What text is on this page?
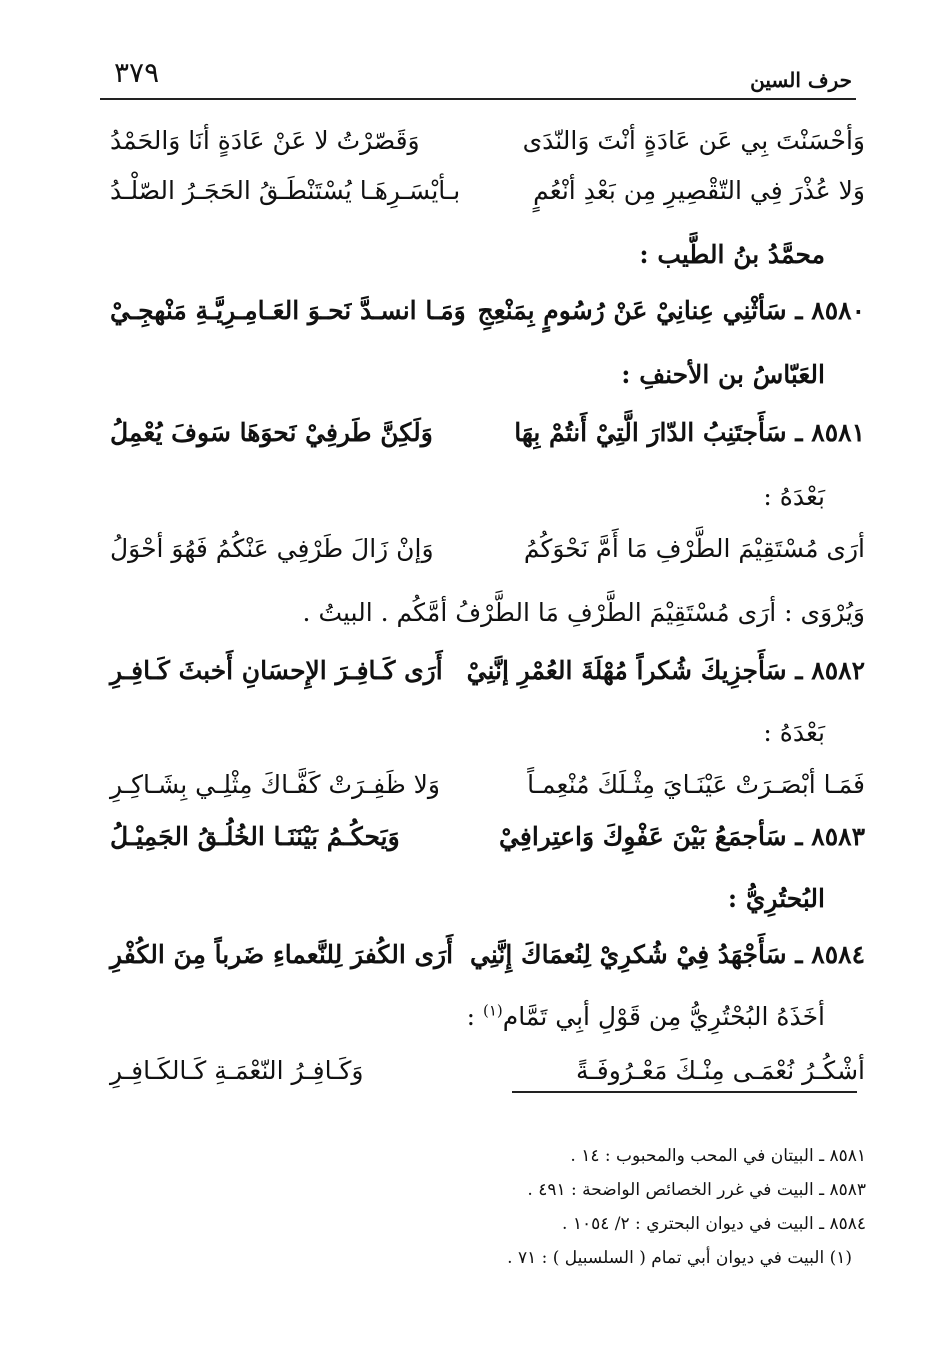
حرف السين
٣٧٩
وَأحْسَنْتَ بِي عَن عَادَةٍ أنْتَ وَالنّدَى
وَقَصّرْتُ لا عَنْ عَادَةٍ أنَا وَالحَمْدُ
وَلا عُذْرَ فِي التّقْصِيرِ مِن بَعْدِ أنْعُمٍ
بـأيْسَـرِهَـا يُسْتَنْطَـقُ الحَجَـرُ الصّلْـدُ
محمَّدُ بنُ الطَّيب :
٨٥٨٠ ـ سَأثْنِي عِنانِيْ عَنْ رُسُومٍ بِمَنْعِجِ
وَمَـا انسـدَّ نَحـوَ العَـامِـرِيَّـةِ مَنْهجِـيْ
العَبّاسُ بن الأحنفِ :
٨٥٨١ ـ سَأَجتَنِبُ الدّارَ الَّتِيْ أَنتُمْ بِهَا
وَلَكِنَّ طَرفِيْ نَحوَهَا سَوفَ يُعْمِلُ
بَعْدَهُ :
أرَى مُسْتَقِيْمَ الطَّرْفِ مَا أَمَّ نَحْوَكُمُ
وَإنْ زَالَ طَرْفِي عَنْكُمُ فَهُوَ أحْوَلُ
وَيُرْوَى : أرَى مُسْتَقِيْمَ الطَّرْفِ مَا الطَّرْفُ أمَّكُم . البيتُ .
٨٥٨٢ ـ سَأَجزِيكَ شُكراً مُهْلَةَ العُمْرِ إنَّنِيْ
أَرَى كَـافِـرَ الإِحسَانِ أَخبثَ كَـافِـرِ
بَعْدَهُ :
فَمَـا أبْصَـرَتْ عَيْنَـايَ مِثْـلَكَ مُنْعِمـاً
وَلا ظَفِـرَتْ كَفَّـاكَ مِثْلِـي بِشَـاكِـرِ
٨٥٨٣ ـ سَأجمَعُ بَيْنَ عَفْوِكَ وَاعتِرافِيْ
وَيَحكُـمُ بَيْنَنَـا الخُلُـقُ الجَمِيْـلُ
البُحتُرِيُّ :
٨٥٨٤ ـ سَأَجْهَدُ فِيْ شُكرِيْ لِنُعمَاكَ إِنَّنِي
أَرَى الكُفرَ لِلنَّعماءِ ضَرباً مِنَ الكُفْرِ
أخَذَهُ البُحْتُرِيُّ مِن قَوْلِ أبِي تَمَّام$^{(١)}$ :
أشْكُـرُ نُعْمَـى مِنْـكَ مَعْـرُوفَـةً
وَكَـافِـرُ النّعْمَـةِ كَـالكَـافِـرِ
٨٥٨١ ـ البيتان في المحب والمحبوب : ١٤ .
٨٥٨٣ ـ البيت في غرر الخصائص الواضحة : ٤٩١ .
٨٥٨٤ ـ البيت في ديوان البحتري : ٢/ ١٠٥٤ .
(١) البيت في ديوان أبي تمام ( السلسبيل ) : ٧١ .
